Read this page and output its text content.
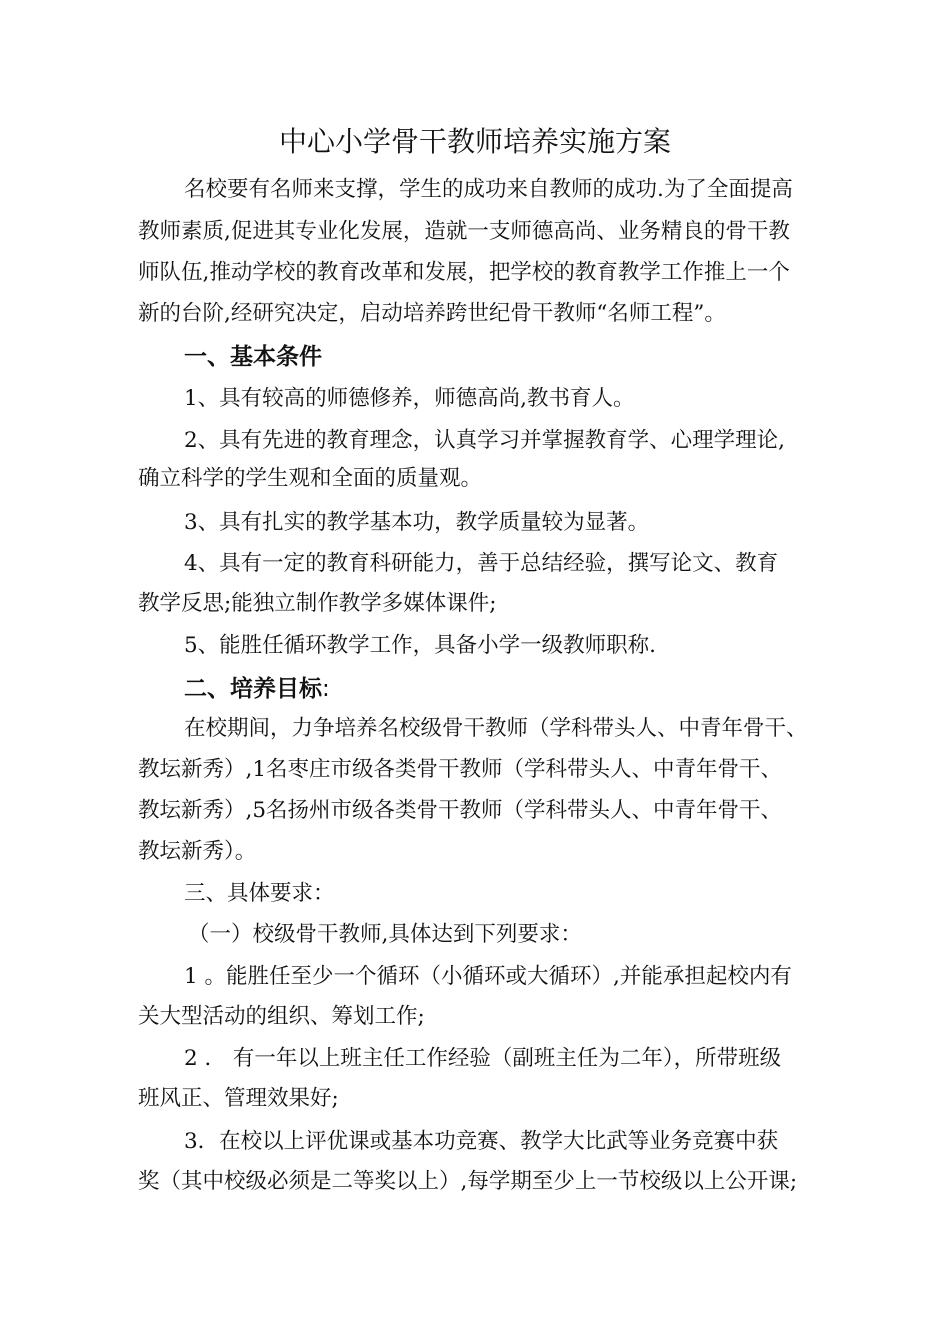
中心小学骨干教师培养实施方案
名校要有名师来支撑，学生的成功来自教师的成功.为了全面提高
教师素质,促进其专业化发展，造就一支师德高尚、业务精良的骨干教
师队伍,推动学校的教育改革和发展，把学校的教育教学工作推上一个
新的台阶,经研究决定，启动培养跨世纪骨干教师“名师工程”。
一、基本条件
1、具有较高的师德修养，师德高尚,教书育人。
2、具有先进的教育理念，认真学习并掌握教育学、心理学理论,
确立科学的学生观和全面的质量观。
3、具有扎实的教学基本功，教学质量较为显著。
4、具有一定的教育科研能力，善于总结经验，撰写论文、教育
教学反思;能独立制作教学多媒体课件;
5、能胜任循环教学工作，具备小学一级教师职称.
二、培养目标:
在校期间，力争培养名校级骨干教师（学科带头人、中青年骨干、
教坛新秀）,1名枣庄市级各类骨干教师（学科带头人、中青年骨干、
教坛新秀）,5名扬州市级各类骨干教师（学科带头人、中青年骨干、
教坛新秀）。
三、具体要求：
（一）校级骨干教师,具体达到下列要求：
1 。能胜任至少一个循环（小循环或大循环）,并能承担起校内有
关大型活动的组织、筹划工作;
2 ． 有一年以上班主任工作经验（副班主任为二年），所带班级
班风正、管理效果好;
3．在校以上评优课或基本功竞赛、教学大比武等业务竞赛中获
奖（其中校级必须是二等奖以上）,每学期至少上一节校级以上公开课;
